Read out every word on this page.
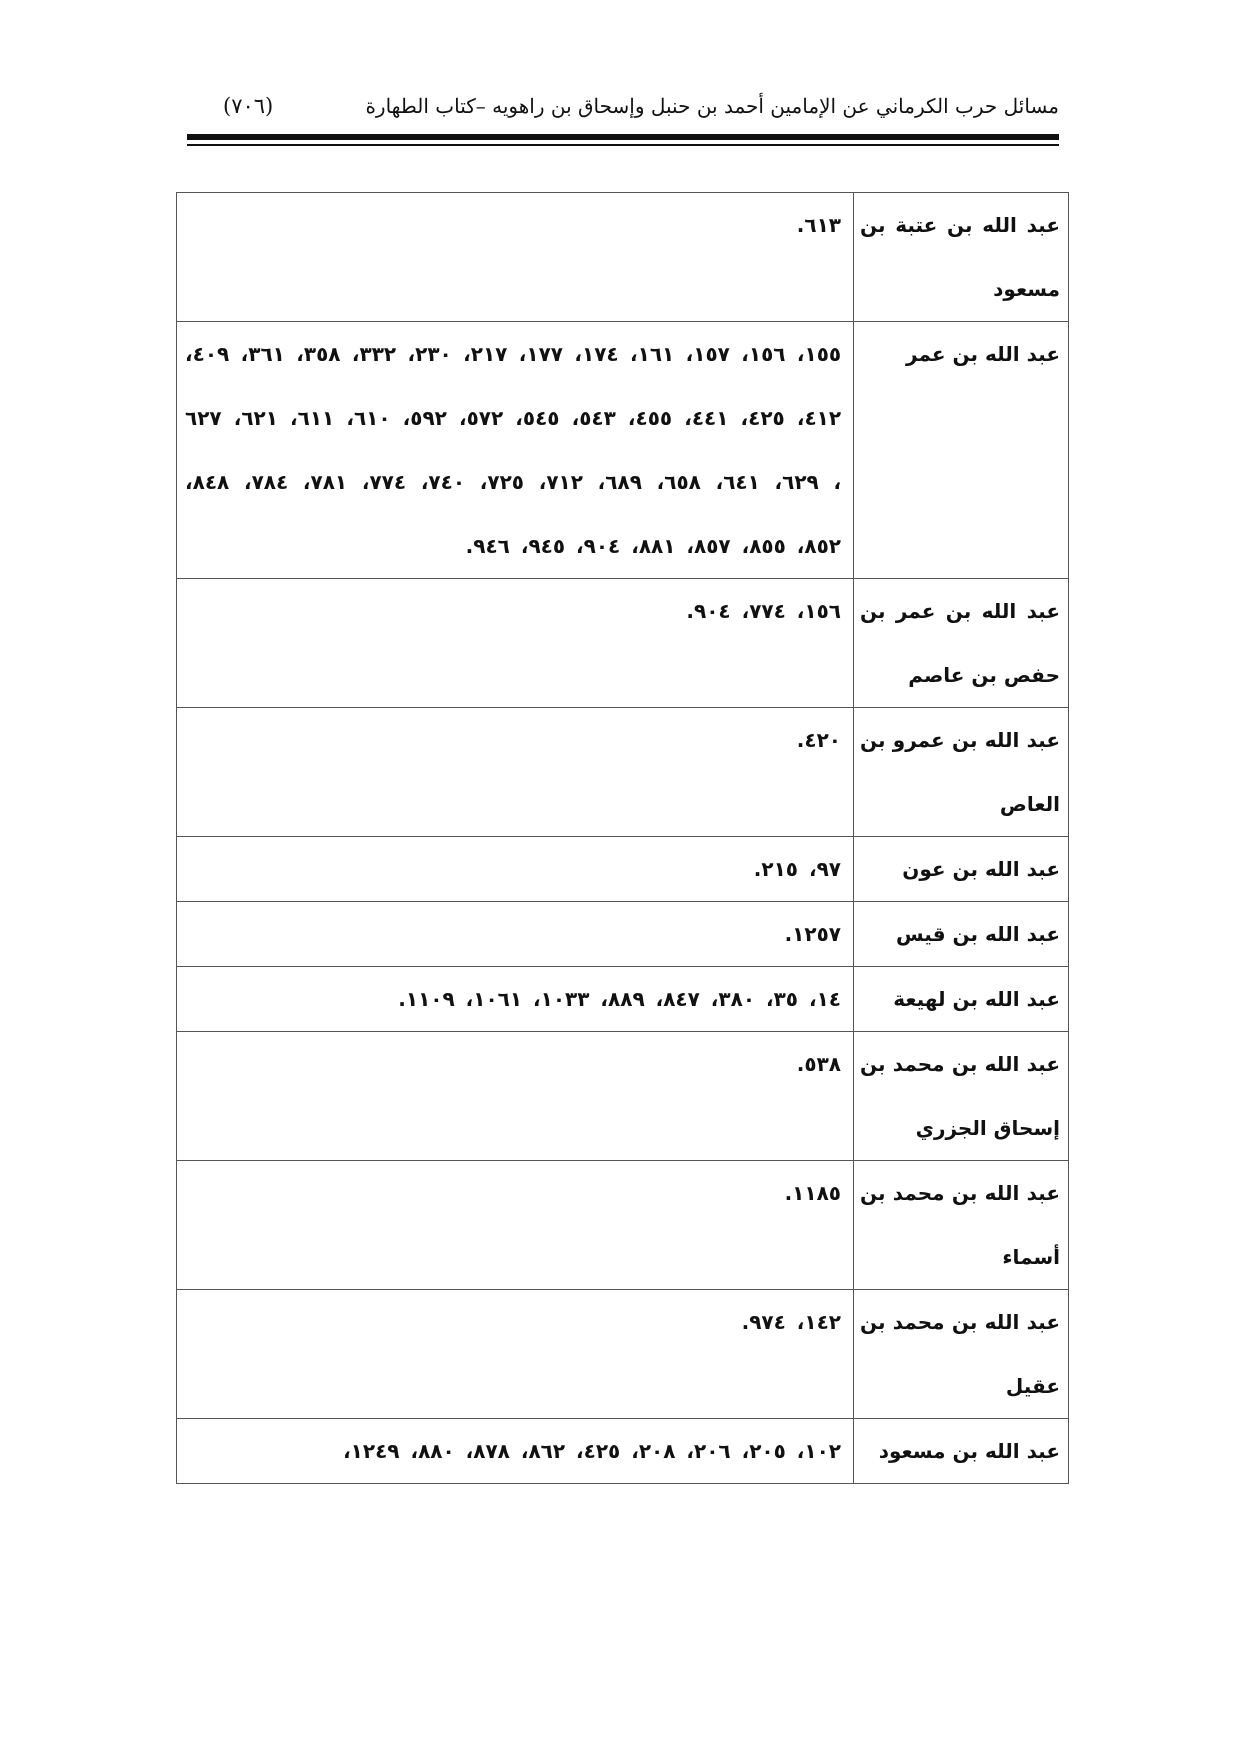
مسائل حرب الكرماني عن الإمامين أحمد بن حنبل وإسحاق بن راهويه –كتاب الطهارة
(٧٠٦)
عبد الله بن عتبة بن مسعود	٦١٣.

عبد الله بن عمر	١٥٥، ١٥٦، ١٥٧، ١٦١، ١٧٤، ١٧٧، ٢١٧، ٢٣٠، ٣٣٢، ٣٥٨، ٣٦١، ٤٠٩، ٤١٢، ٤٢٥، ٤٤١، ٤٥٥، ٥٤٣، ٥٤٥، ٥٧٢، ٥٩٢، ٦١٠، ٦١١، ٦٢١، ٦٢٧ ، ٦٢٩، ٦٤١، ٦٥٨، ٦٨٩، ٧١٢، ٧٢٥، ٧٤٠، ٧٧٤، ٧٨١، ٧٨٤، ٨٤٨، ٨٥٢، ٨٥٥، ٨٥٧، ٨٨١، ٩٠٤، ٩٤٥، ٩٤٦.

عبد الله بن عمر بن حفص بن عاصم	١٥٦، ٧٧٤، ٩٠٤.

عبد الله بن عمرو بن العاص	٤٢٠.

عبد الله بن عون	٩٧، ٢١٥.

عبد الله بن قيس	١٢٥٧.

عبد الله بن لهيعة	١٤، ٣٥، ٣٨٠، ٨٤٧، ٨٨٩، ١٠٣٣، ١٠٦١، ١١٠٩.

عبد الله بن محمد بن إسحاق الجزري	٥٣٨.

عبد الله بن محمد بن أسماء	١١٨٥.

عبد الله بن محمد بن عقيل	١٤٢، ٩٧٤.

عبد الله بن مسعود	١٠٢، ٢٠٥، ٢٠٦، ٢٠٨، ٤٢٥، ٨٦٢، ٨٧٨، ٨٨٠، ١٢٤٩،
